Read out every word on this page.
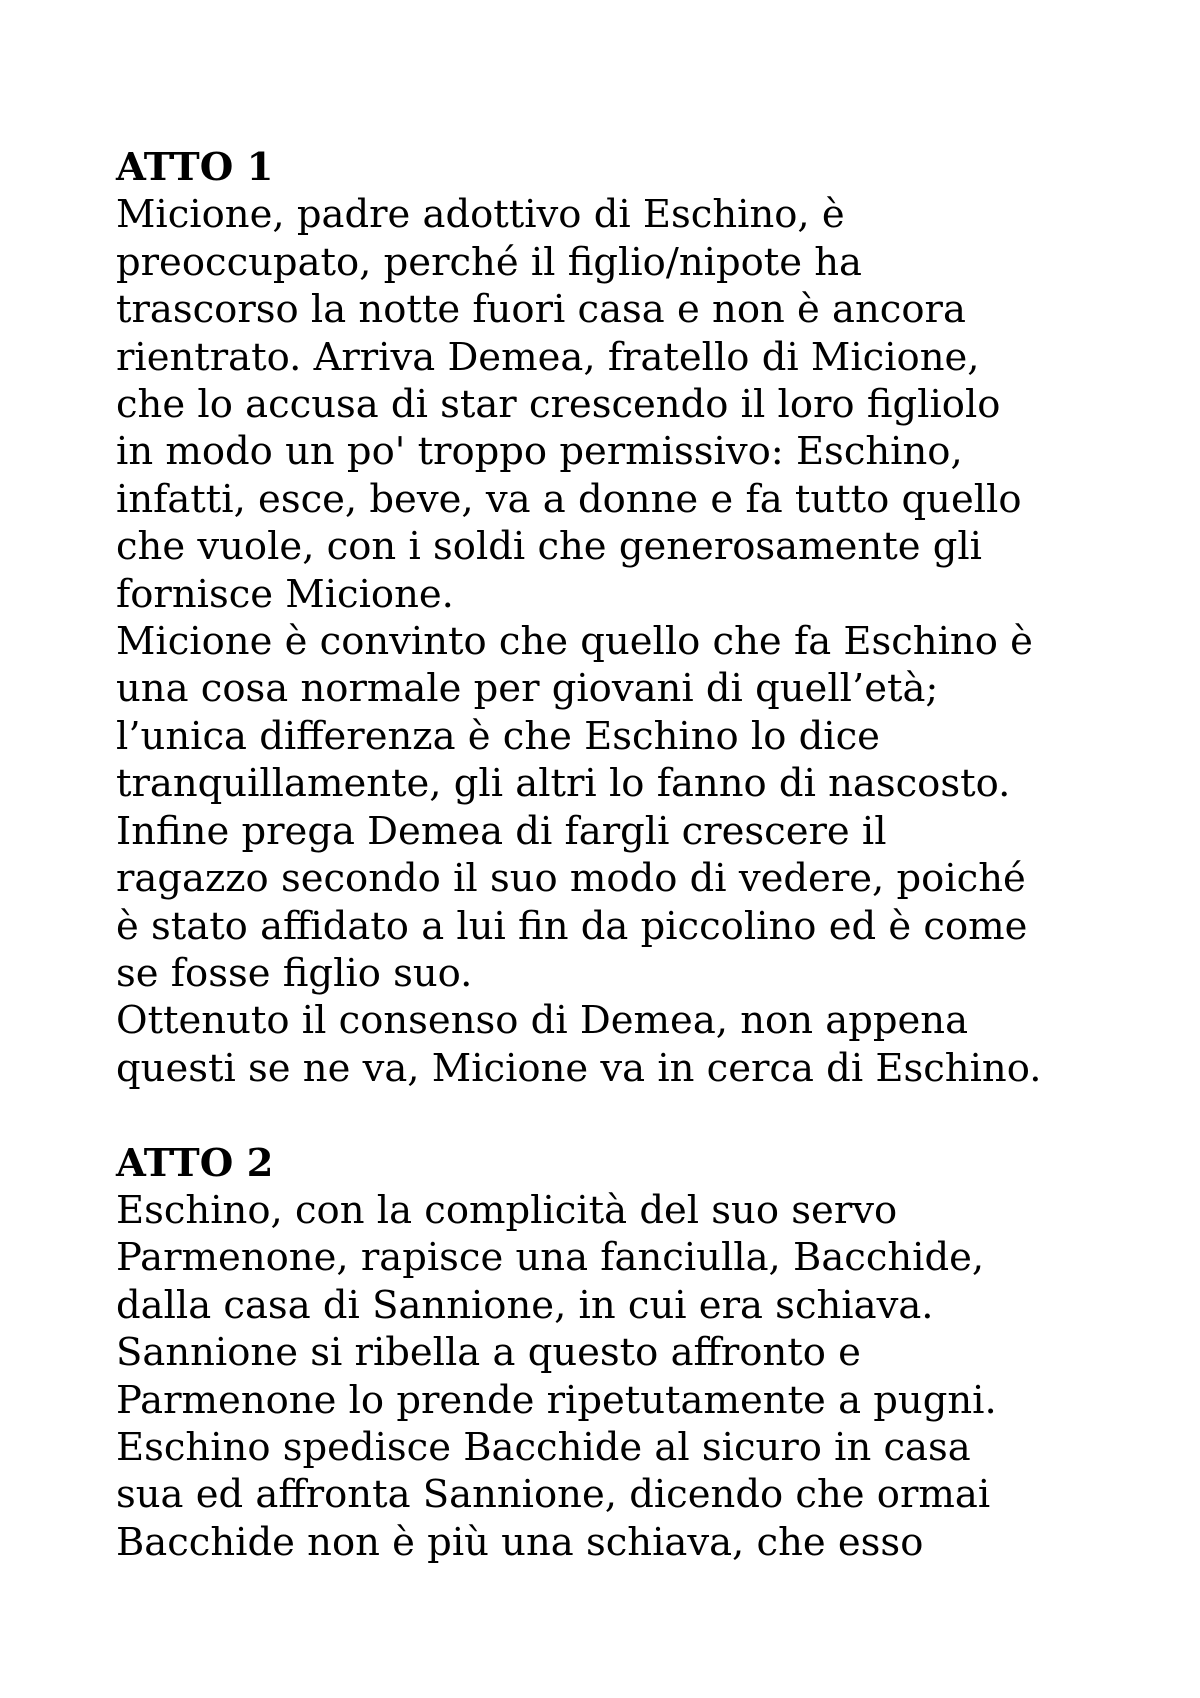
ATTO 1
Micione, padre adottivo di Eschino, è
preoccupato, perché il figlio/nipote ha
trascorso la notte fuori casa e non è ancora
rientrato. Arriva Demea, fratello di Micione,
che lo accusa di star crescendo il loro figliolo
in modo un po' troppo permissivo: Eschino,
infatti, esce, beve, va a donne e fa tutto quello
che vuole, con i soldi che generosamente gli
fornisce Micione.
Micione è convinto che quello che fa Eschino è
una cosa normale per giovani di quell’età;
l’unica differenza è che Eschino lo dice
tranquillamente, gli altri lo fanno di nascosto.
Infine prega Demea di fargli crescere il
ragazzo secondo il suo modo di vedere, poiché
è stato affidato a lui fin da piccolino ed è come
se fosse figlio suo.
Ottenuto il consenso di Demea, non appena
questi se ne va, Micione va in cerca di Eschino.
ATTO 2
Eschino, con la complicità del suo servo
Parmenone, rapisce una fanciulla, Bacchide,
dalla casa di Sannione, in cui era schiava.
Sannione si ribella a questo affronto e
Parmenone lo prende ripetutamente a pugni.
Eschino spedisce Bacchide al sicuro in casa
sua ed affronta Sannione, dicendo che ormai
Bacchide non è più una schiava, che esso
